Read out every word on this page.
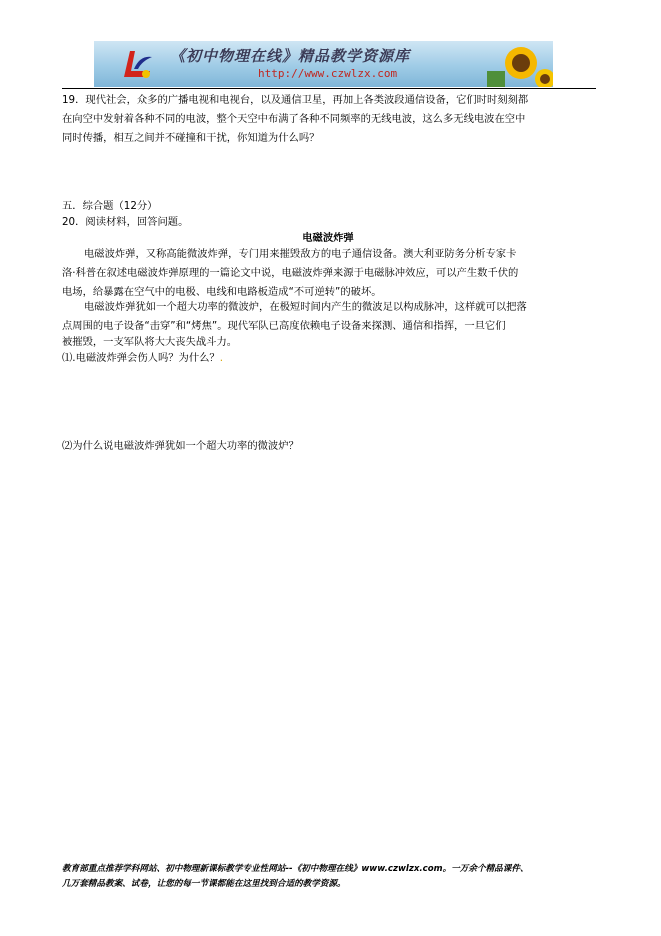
《初中物理在线》精品教学资源库
http://www.czwlzx.com
19．现代社会，众多的广播电视和电视台，以及通信卫星，再加上各类波段通信设备，它们时时刻刻都
在向空中发射着各种不同的电波，整个天空中布满了各种不同频率的无线电波，这么多无线电波在空中
同时传播，相互之间并不碰撞和干扰，你知道为什么吗？
五．综合题（12分）
20．阅读材料，回答问题。
电磁波炸弹
电磁波炸弹，又称高能微波炸弹，专门用来摧毁敌方的电子通信设备。澳大利亚防务分析专家卡
洛·科普在叙述电磁波炸弹原理的一篇论文中说，电磁波炸弹来源于电磁脉冲效应，可以产生数千伏的
电场，给暴露在空气中的电极、电线和电路板造成“不可逆转”的破坏。
电磁波炸弹犹如一个超大功率的微波炉，在极短时间内产生的微波足以构成脉冲，这样就可以把落
点周围的电子设备“击穿”和“烤焦”。现代军队已高度依赖电子设备来探测、通信和指挥，一旦它们
被摧毁，一支军队将大大丧失战斗力。
⑴.电磁波炸弹会伤人吗？为什么？.
⑵为什么说电磁波炸弹犹如一个超大功率的微波炉？
教育部重点推荐学科网站、初中物理新课标教学专业性网站--《初中物理在线》www.czwlzx.com。一万余个精品课件、
几万套精品教案、试卷，让您的每一节课都能在这里找到合适的教学资源。
